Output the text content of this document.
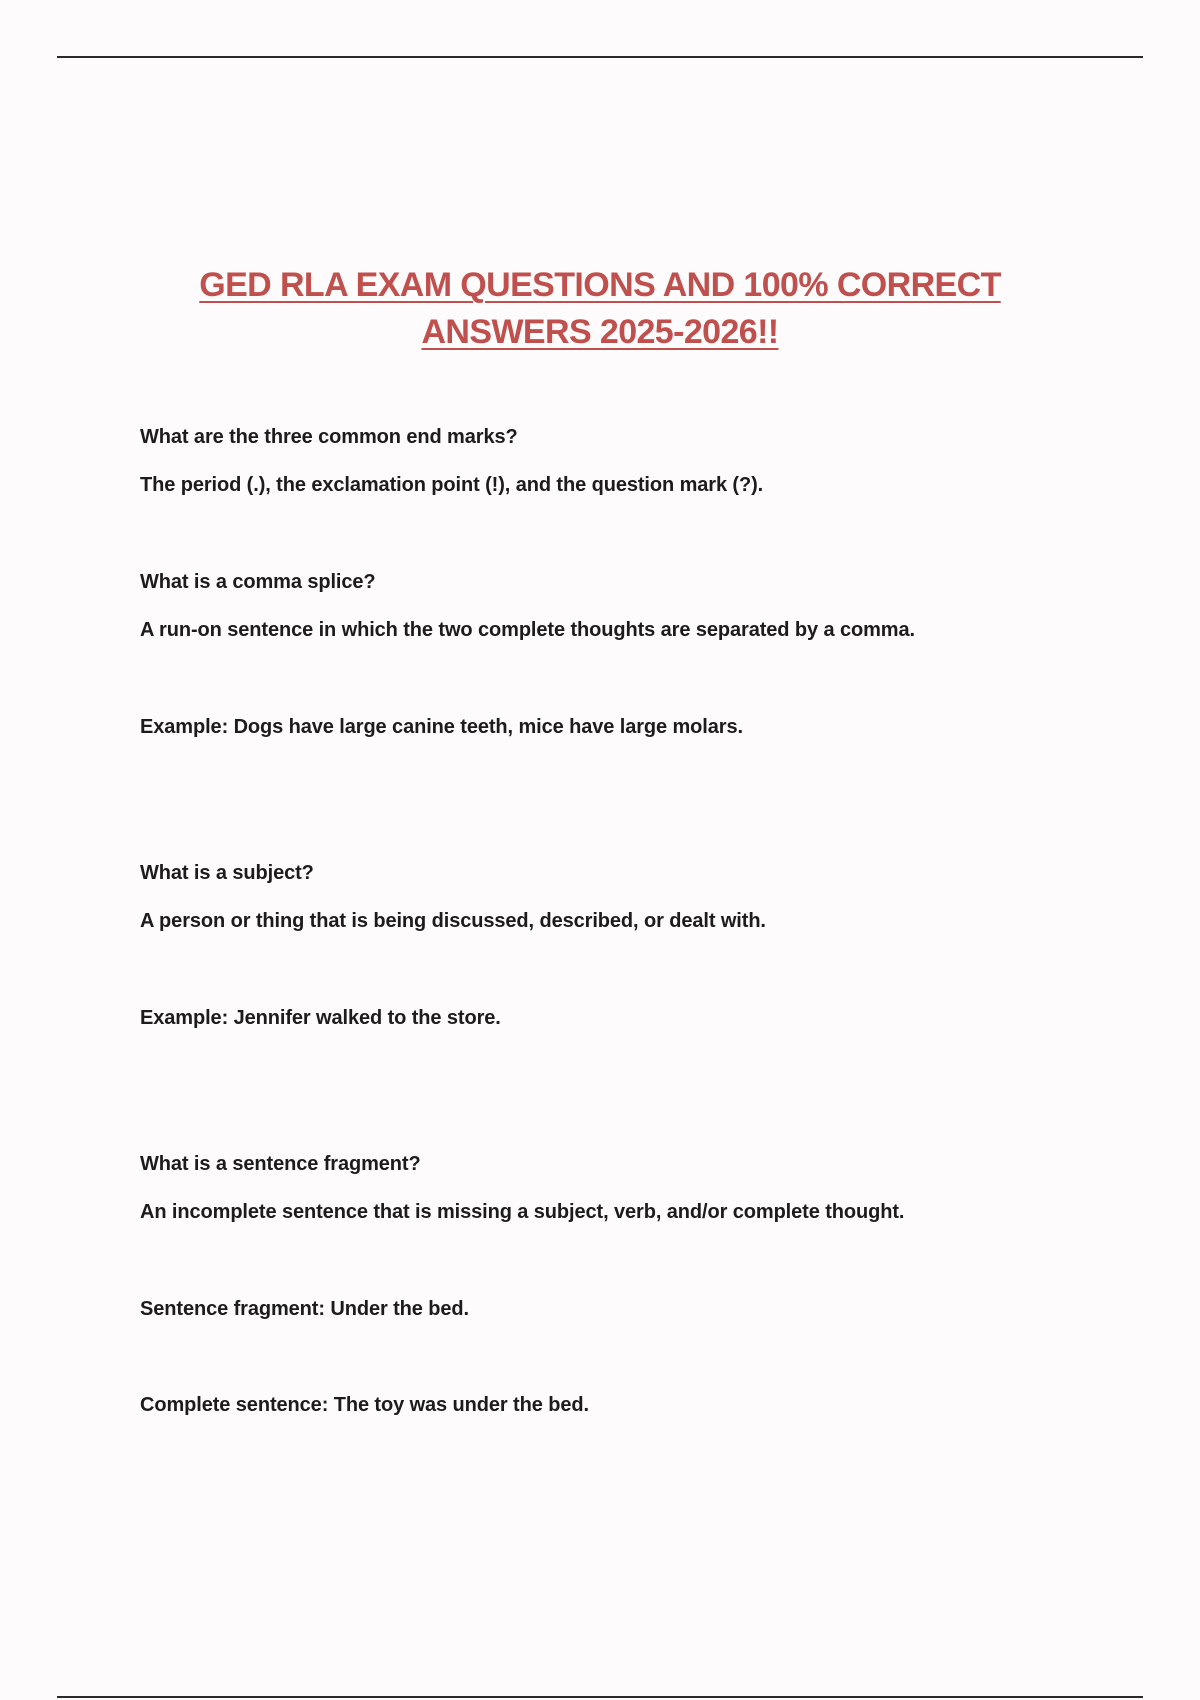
GED RLA EXAM QUESTIONS AND 100% CORRECT
ANSWERS 2025-2026!!

What are the three common end marks?

The period (.), the exclamation point (!), and the question mark (?).

What is a comma splice?

A run-on sentence in which the two complete thoughts are separated by a comma.

Example: Dogs have large canine teeth, mice have large molars.

What is a subject?

A person or thing that is being discussed, described, or dealt with.

Example: Jennifer walked to the store.

What is a sentence fragment?

An incomplete sentence that is missing a subject, verb, and/or complete thought.

Sentence fragment: Under the bed.

Complete sentence: The toy was under the bed.
